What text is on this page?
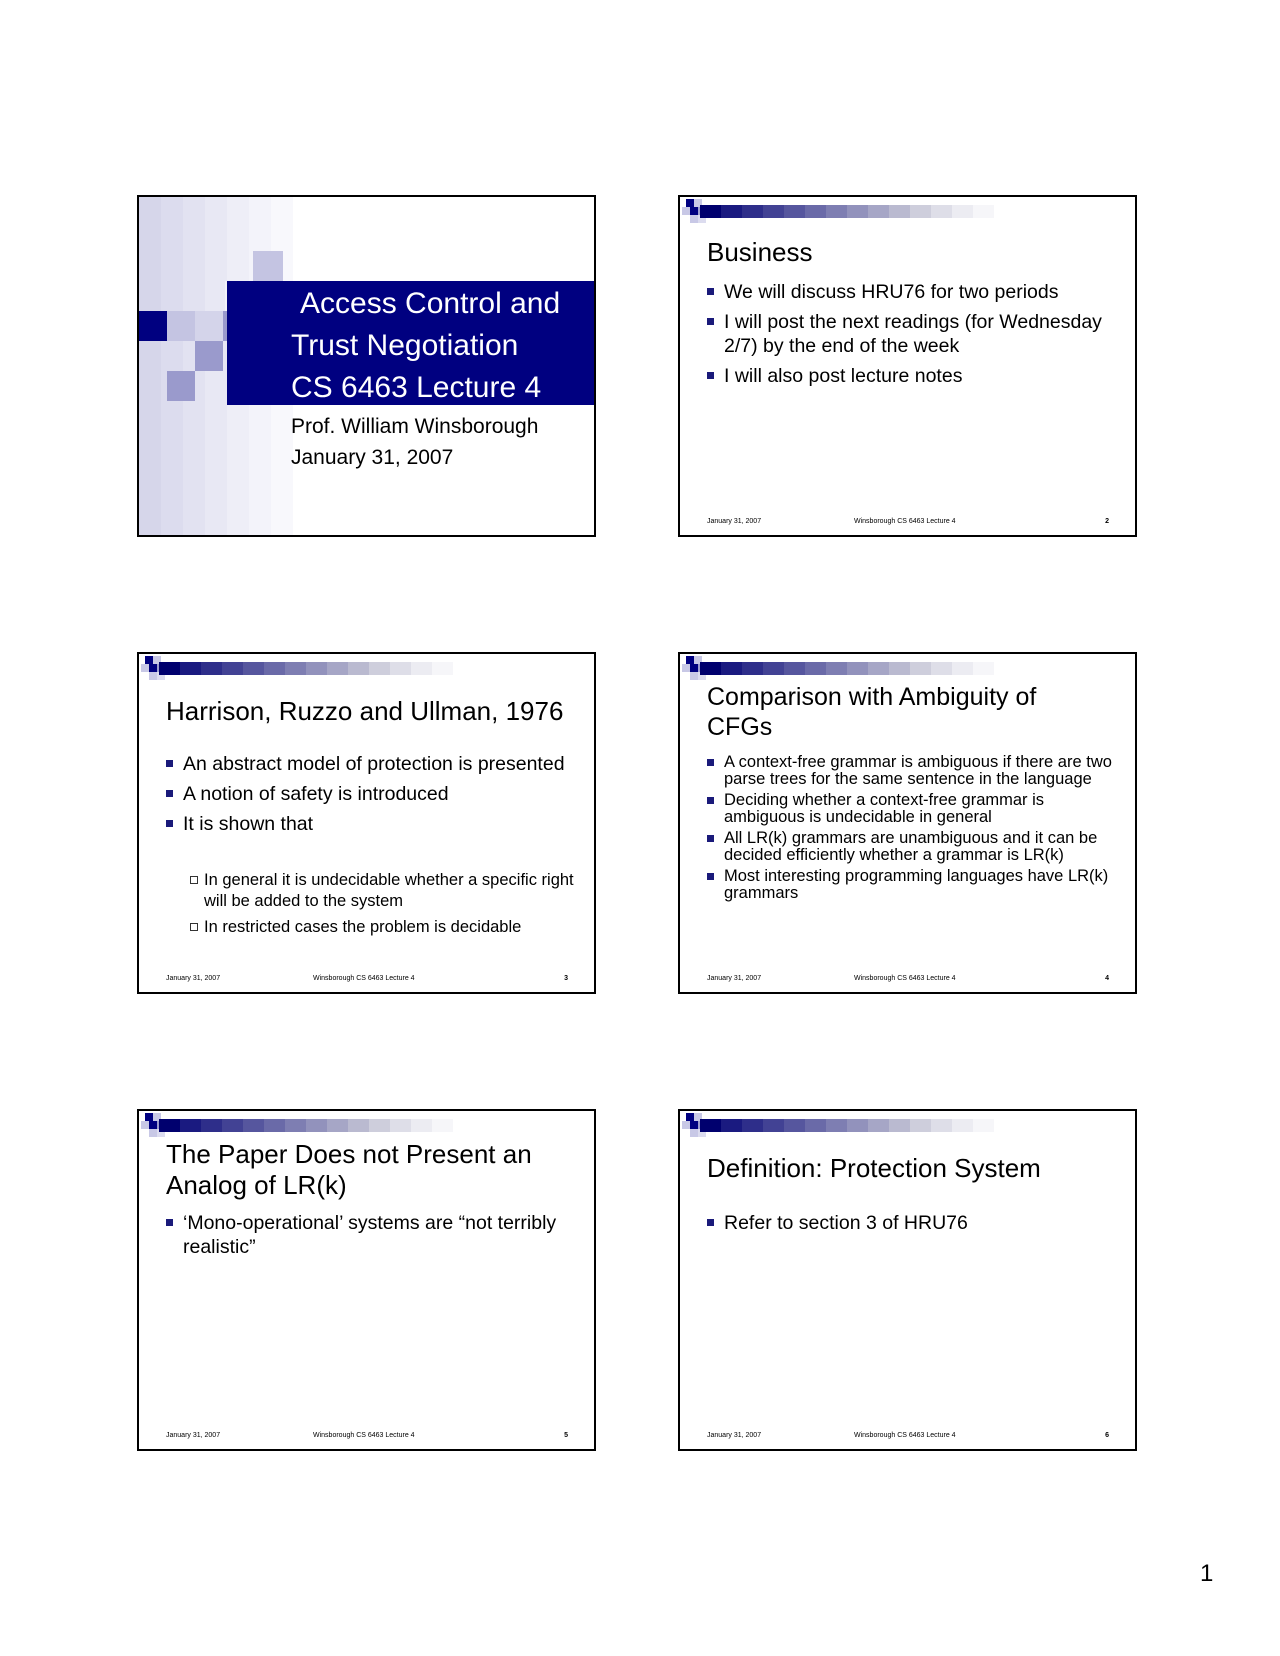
Access Control and
Trust Negotiation
CS 6463 Lecture 4
Prof. William Winsborough
January 31, 2007
Business
We will discuss HRU76 for two periods
I will post the next readings (for Wednesday 2/7) by the end of the week
I will also post lecture notes
January 31, 2007	Winsborough CS 6463 Lecture 4	2
Harrison, Ruzzo and Ullman, 1976
An abstract model of protection is presented
A notion of safety is introduced
It is shown that
In general it is undecidable whether a specific right will be added to the system
In restricted cases the problem is decidable
January 31, 2007	Winsborough CS 6463 Lecture 4	3
Comparison with Ambiguity of CFGs
A context-free grammar is ambiguous if there are two parse trees for the same sentence in the language
Deciding whether a context-free grammar is ambiguous is undecidable in general
All LR(k) grammars are unambiguous and it can be decided efficiently whether a grammar is LR(k)
Most interesting programming languages have LR(k) grammars
January 31, 2007	Winsborough CS 6463 Lecture 4	4
The Paper Does not Present an Analog of LR(k)
‘Mono-operational’ systems are “not terribly realistic”
January 31, 2007	Winsborough CS 6463 Lecture 4	5
Definition: Protection System
Refer to section 3 of HRU76
January 31, 2007	Winsborough CS 6463 Lecture 4	6
1
